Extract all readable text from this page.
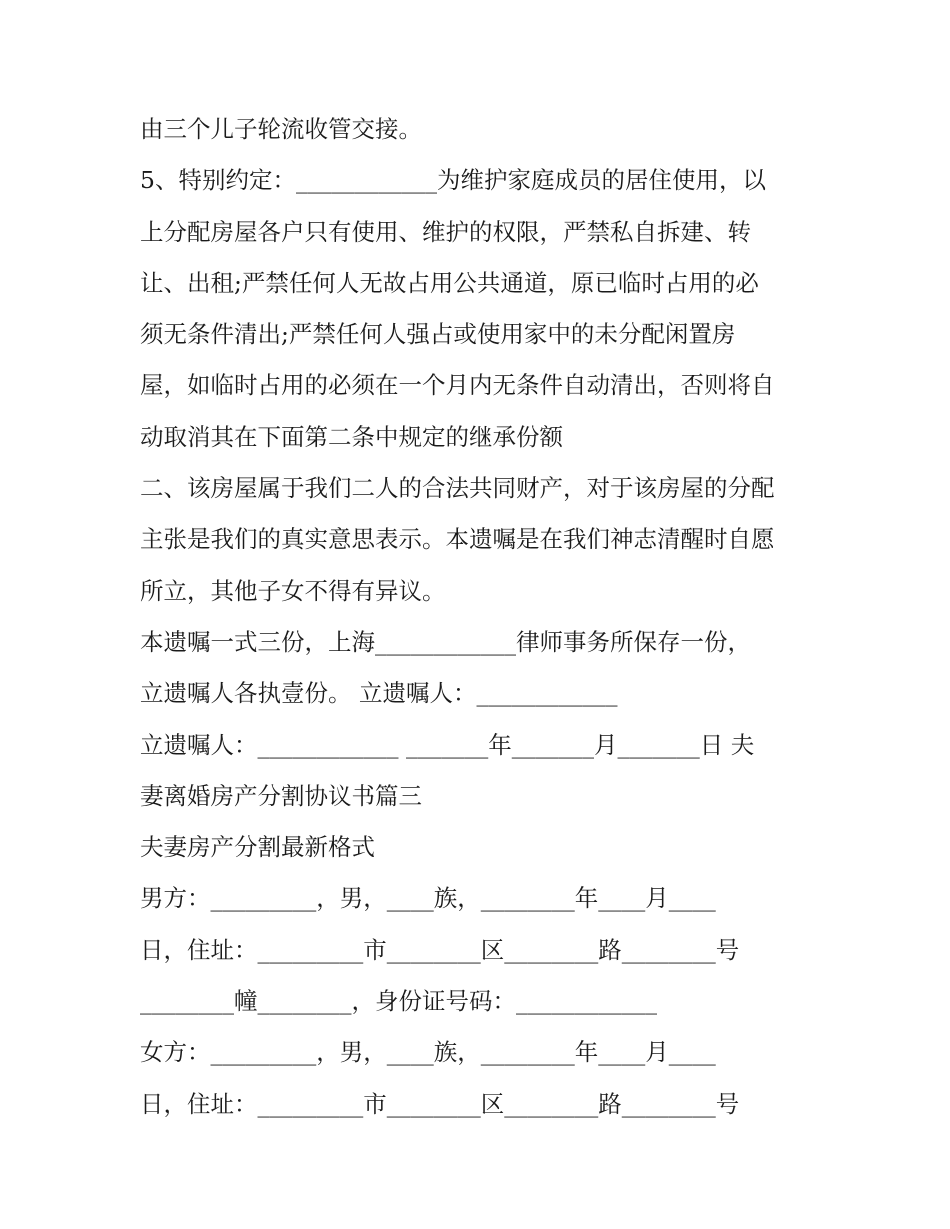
由三个儿子轮流收管交接。

5、特别约定：____________为维护家庭成员的居住使用，以

上分配房屋各户只有使用、维护的权限，严禁私自拆建、转

让、出租;严禁任何人无故占用公共通道，原已临时占用的必

须无条件清出;严禁任何人强占或使用家中的未分配闲置房

屋，如临时占用的必须在一个月内无条件自动清出，否则将自

动取消其在下面第二条中规定的继承份额

二、该房屋属于我们二人的合法共同财产，对于该房屋的分配

主张是我们的真实意思表示。本遗嘱是在我们神志清醒时自愿

所立，其他子女不得有异议。

本遗嘱一式三份，上海____________律师事务所保存一份，

立遗嘱人各执壹份。 立遗嘱人：____________

立遗嘱人：____________ _______年_______月_______日 夫

妻离婚房产分割协议书篇三

夫妻房产分割最新格式

男方：_________，男，____族，________年____月____

日，住址：_________市________区________路________号

________幢________，身份证号码：____________

女方：_________，男，____族，________年____月____

日，住址：_________市________区________路________号
